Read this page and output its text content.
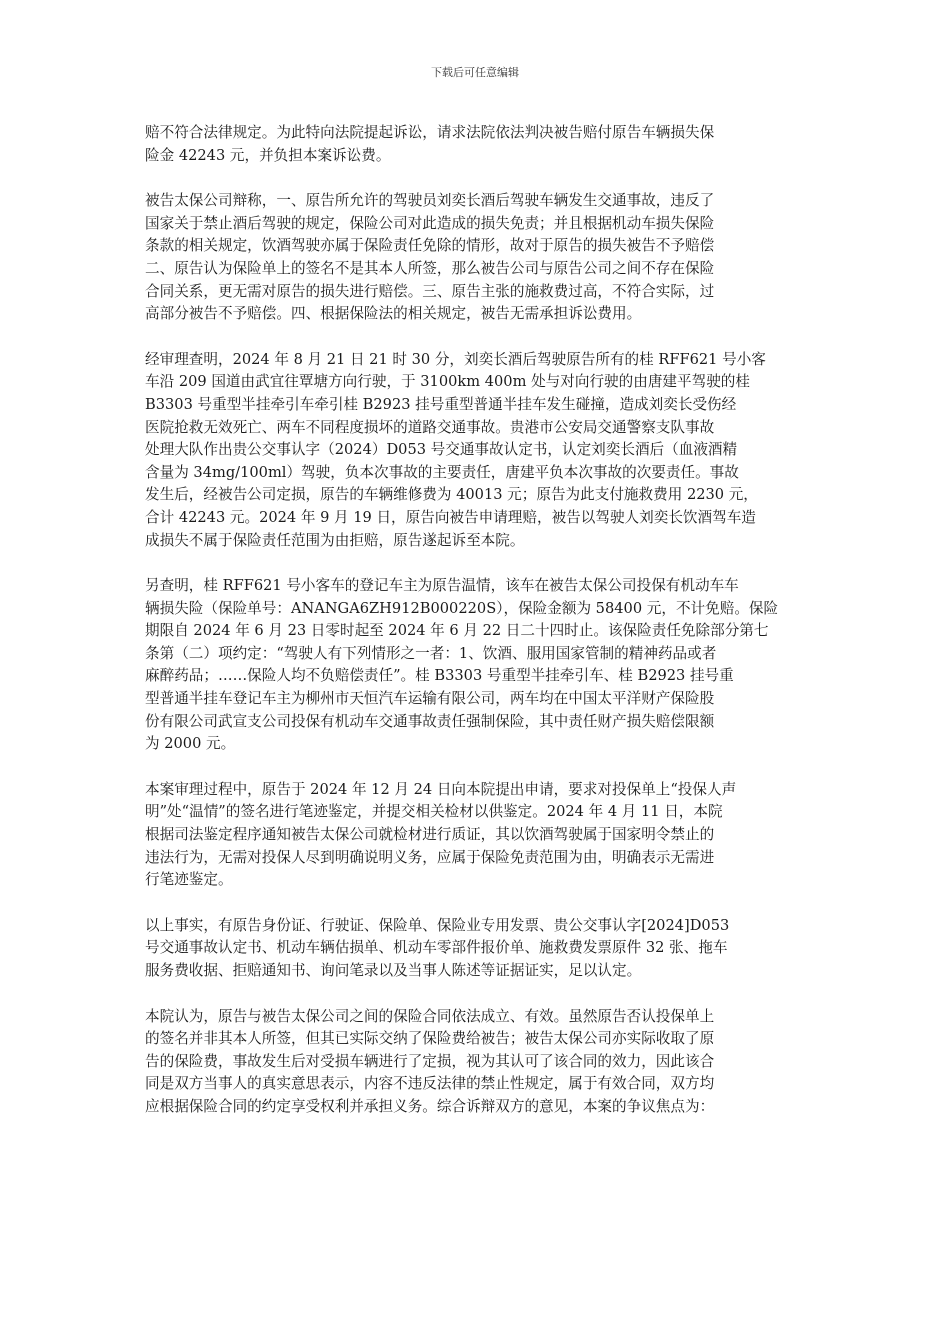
下载后可任意编辑

赔不符合法律规定。为此特向法院提起诉讼，请求法院依法判决被告赔付原告车辆损失保
险金 42243 元，并负担本案诉讼费。

被告太保公司辩称，一、原告所允许的驾驶员刘奕长酒后驾驶车辆发生交通事故，违反了
国家关于禁止酒后驾驶的规定，保险公司对此造成的损失免责；并且根据机动车损失保险
条款的相关规定，饮酒驾驶亦属于保险责任免除的情形，故对于原告的损失被告不予赔偿
二、原告认为保险单上的签名不是其本人所签，那么被告公司与原告公司之间不存在保险
合同关系，更无需对原告的损失进行赔偿。三、原告主张的施救费过高，不符合实际，过
高部分被告不予赔偿。四、根据保险法的相关规定，被告无需承担诉讼费用。

经审理查明，2024 年 8 月 21 日 21 时 30 分，刘奕长酒后驾驶原告所有的桂 RFF621 号小客
车沿 209 国道由武宜往覃塘方向行驶，于 3100km 400m 处与对向行驶的由唐建平驾驶的桂
B3303 号重型半挂牵引车牵引桂 B2923 挂号重型普通半挂车发生碰撞，造成刘奕长受伤经
医院抢救无效死亡、两车不同程度损坏的道路交通事故。贵港市公安局交通警察支队事故
处理大队作出贵公交事认字（2024）D053 号交通事故认定书，认定刘奕长酒后（血液酒精
含量为 34mg/100ml）驾驶，负本次事故的主要责任，唐建平负本次事故的次要责任。事故
发生后，经被告公司定损，原告的车辆维修费为 40013 元；原告为此支付施救费用 2230 元，
合计 42243 元。2024 年 9 月 19 日，原告向被告申请理赔，被告以驾驶人刘奕长饮酒驾车造
成损失不属于保险责任范围为由拒赔，原告遂起诉至本院。

另查明，桂 RFF621 号小客车的登记车主为原告温情，该车在被告太保公司投保有机动车车
辆损失险（保险单号：ANANGA6ZH912B000220S），保险金额为 58400 元，不计免赔。保险
期限自 2024 年 6 月 23 日零时起至 2024 年 6 月 22 日二十四时止。该保险责任免除部分第七
条第（二）项约定：“驾驶人有下列情形之一者：1、饮酒、服用国家管制的精神药品或者
麻醉药品；……保险人均不负赔偿责任”。桂 B3303 号重型半挂牵引车、桂 B2923 挂号重
型普通半挂车登记车主为柳州市天恒汽车运输有限公司，两车均在中国太平洋财产保险股
份有限公司武宣支公司投保有机动车交通事故责任强制保险，其中责任财产损失赔偿限额
为 2000 元。

本案审理过程中，原告于 2024 年 12 月 24 日向本院提出申请，要求对投保单上“投保人声
明”处“温情”的签名进行笔迹鉴定，并提交相关检材以供鉴定。2024 年 4 月 11 日，本院
根据司法鉴定程序通知被告太保公司就检材进行质证，其以饮酒驾驶属于国家明令禁止的
违法行为，无需对投保人尽到明确说明义务，应属于保险免责范围为由，明确表示无需进
行笔迹鉴定。

以上事实，有原告身份证、行驶证、保险单、保险业专用发票、贵公交事认字[2024]D053
号交通事故认定书、机动车辆估损单、机动车零部件报价单、施救费发票原件 32 张、拖车
服务费收据、拒赔通知书、询问笔录以及当事人陈述等证据证实，足以认定。

本院认为，原告与被告太保公司之间的保险合同依法成立、有效。虽然原告否认投保单上
的签名并非其本人所签，但其已实际交纳了保险费给被告；被告太保公司亦实际收取了原
告的保险费，事故发生后对受损车辆进行了定损，视为其认可了该合同的效力，因此该合
同是双方当事人的真实意思表示，内容不违反法律的禁止性规定，属于有效合同，双方均
应根据保险合同的约定享受权利并承担义务。综合诉辩双方的意见，本案的争议焦点为：
